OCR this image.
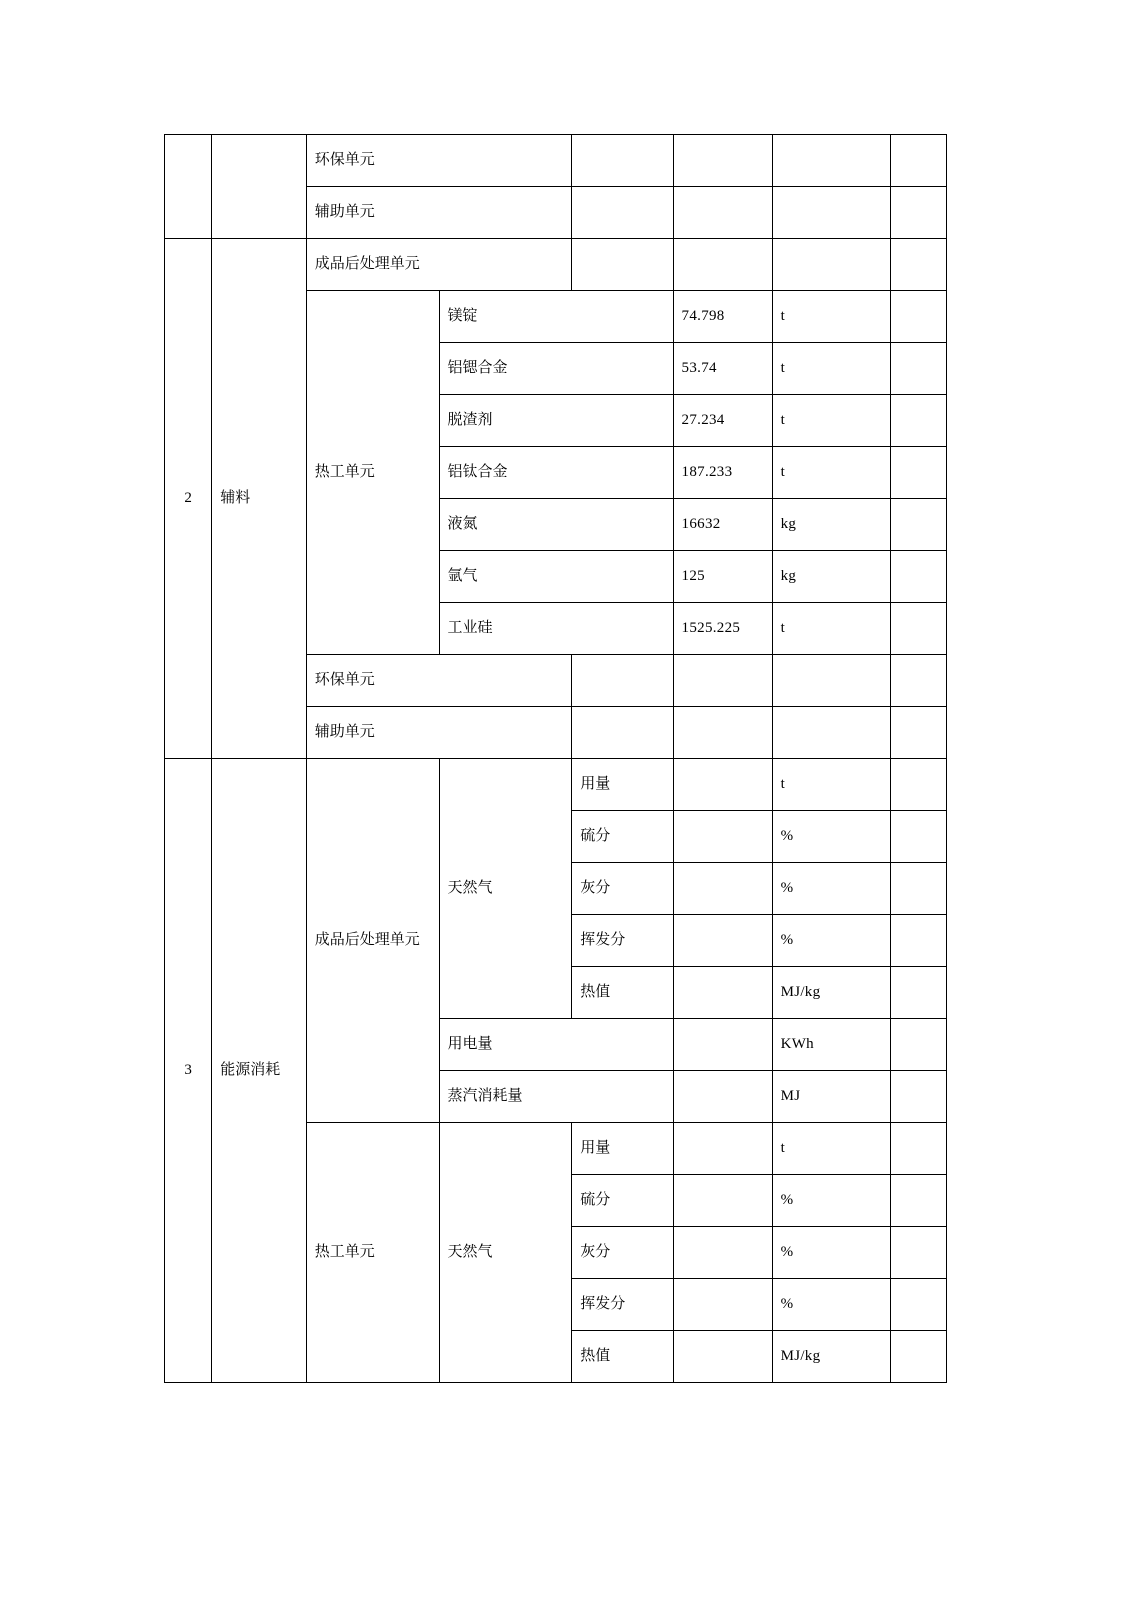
		环保单元					
		辅助单元					
2	辅料	成品后处理单元					
		热工单元	镁锭		74.798	t	
			铝锶合金		53.74	t	
			脱渣剂		27.234	t	
			铝钛合金		187.233	t	
			液氮		16632	kg	
			氩气		125	kg	
			工业硅		1525.225	t	
		环保单元					
		辅助单元					
3	能源消耗	成品后处理单元	天然气	用量		t	
				硫分		%	
				灰分		%	
				挥发分		%	
				热值		MJ/kg	
			用电量			KWh	
			蒸汽消耗量			MJ	
		热工单元	天然气	用量		t	
				硫分		%	
				灰分		%	
				挥发分		%	
				热值		MJ/kg	
